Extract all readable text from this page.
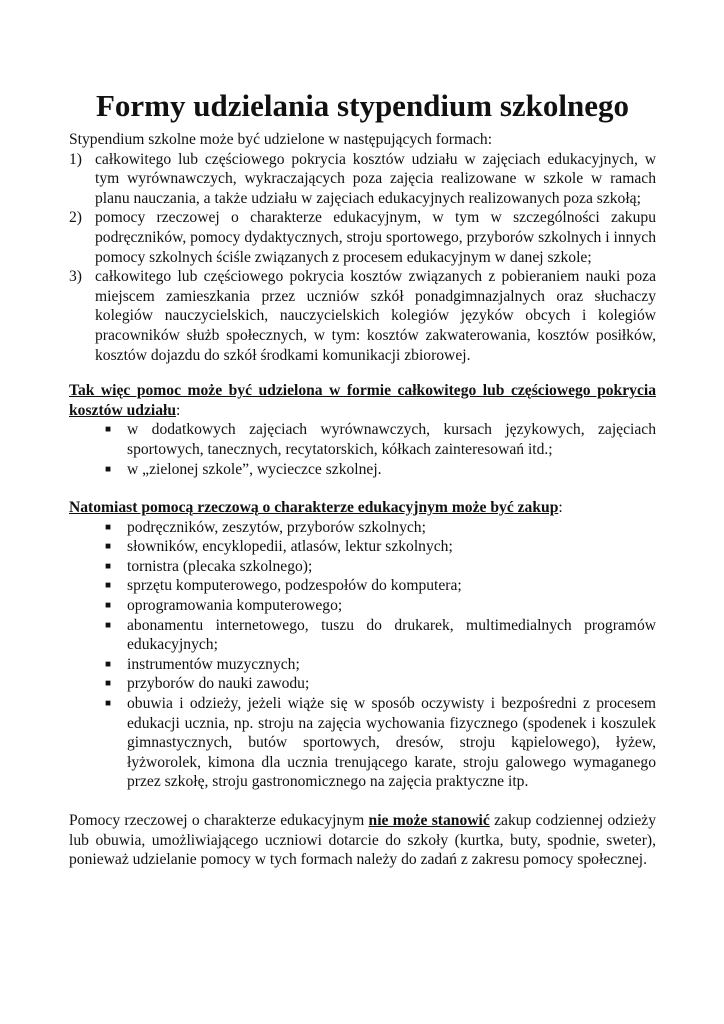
Formy udzielania stypendium szkolnego

Stypendium szkolne może być udzielone w następujących formach:

1) całkowitego lub częściowego pokrycia kosztów udziału w zajęciach edukacyjnych, w tym wyrównawczych, wykraczających poza zajęcia realizowane w szkole w ramach planu nauczania, a także udziału w zajęciach edukacyjnych realizowanych poza szkołą;
2) pomocy rzeczowej o charakterze edukacyjnym, w tym w szczególności zakupu podręczników, pomocy dydaktycznych, stroju sportowego, przyborów szkolnych i innych pomocy szkolnych ściśle związanych z procesem edukacyjnym w danej szkole;
3) całkowitego lub częściowego pokrycia kosztów związanych z pobieraniem nauki poza miejscem zamieszkania przez uczniów szkół ponadgimnazjalnych oraz słuchaczy kolegiów nauczycielskich, nauczycielskich kolegiów języków obcych i kolegiów pracowników służb społecznych, w tym: kosztów zakwaterowania, kosztów posiłków, kosztów dojazdu do szkół środkami komunikacji zbiorowej.

Tak więc pomoc może być udzielona w formie całkowitego lub częściowego pokrycia kosztów udziału:

■	w dodatkowych zajęciach wyrównawczych, kursach językowych, zajęciach sportowych, tanecznych, recytatorskich, kółkach zainteresowań itd.;
■	w „zielonej szkole”, wycieczce szkolnej.

Natomiast pomocą rzeczową o charakterze edukacyjnym może być zakup:

■	podręczników, zeszytów, przyborów szkolnych;
■	słowników, encyklopedii, atlasów, lektur szkolnych;
■	tornistra (plecaka szkolnego);
■	sprzętu komputerowego, podzespołów do komputera;
■	oprogramowania komputerowego;
■	abonamentu internetowego, tuszu do drukarek, multimedialnych programów edukacyjnych;
■	instrumentów muzycznych;
■	przyborów do nauki zawodu;
■	obuwia i odzieży, jeżeli wiąże się w sposób oczywisty i bezpośredni z procesem edukacji ucznia, np. stroju na zajęcia wychowania fizycznego (spodenek i koszulek gimnastycznych, butów sportowych, dresów, stroju kąpielowego), łyżew, łyżworolek, kimona dla ucznia trenującego karate, stroju galowego wymaganego przez szkołę, stroju gastronomicznego na zajęcia praktyczne itp.

Pomocy rzeczowej o charakterze edukacyjnym nie może stanowić zakup codziennej odzieży lub obuwia, umożliwiającego uczniowi dotarcie do szkoły (kurtka, buty, spodnie, sweter), ponieważ udzielanie pomocy w tych formach należy do zadań z zakresu pomocy społecznej.
